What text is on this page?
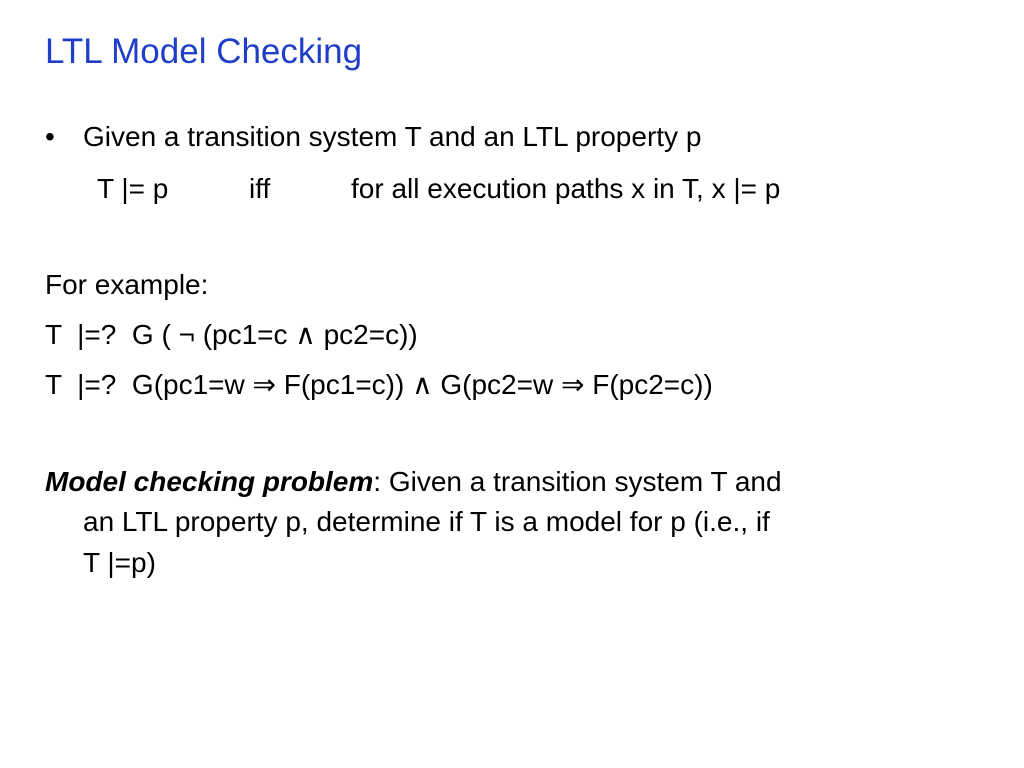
LTL Model Checking
• Given a transition system T and an LTL property p
T |= p	iff	for all execution paths x in T, x |= p
For example:
T  |=?  G ( ¬ (pc1=c ∧ pc2=c))
T  |=?  G(pc1=w ⇒ F(pc1=c)) ∧ G(pc2=w ⇒ F(pc2=c))
Model checking problem: Given a transition system T and
an LTL property p, determine if T is a model for p (i.e., if
T |=p)
